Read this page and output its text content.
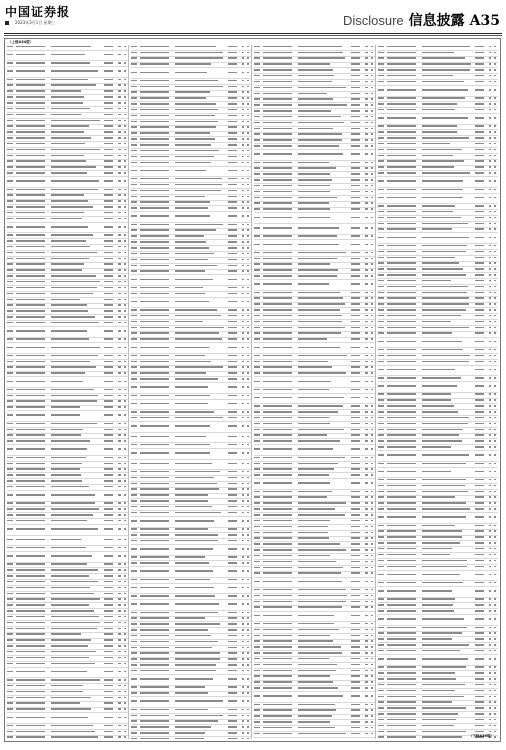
中国证券报
2023年3月1日 星期三	Disclosure 信息披露 A35
（上接A34版）
（下转A36版）
